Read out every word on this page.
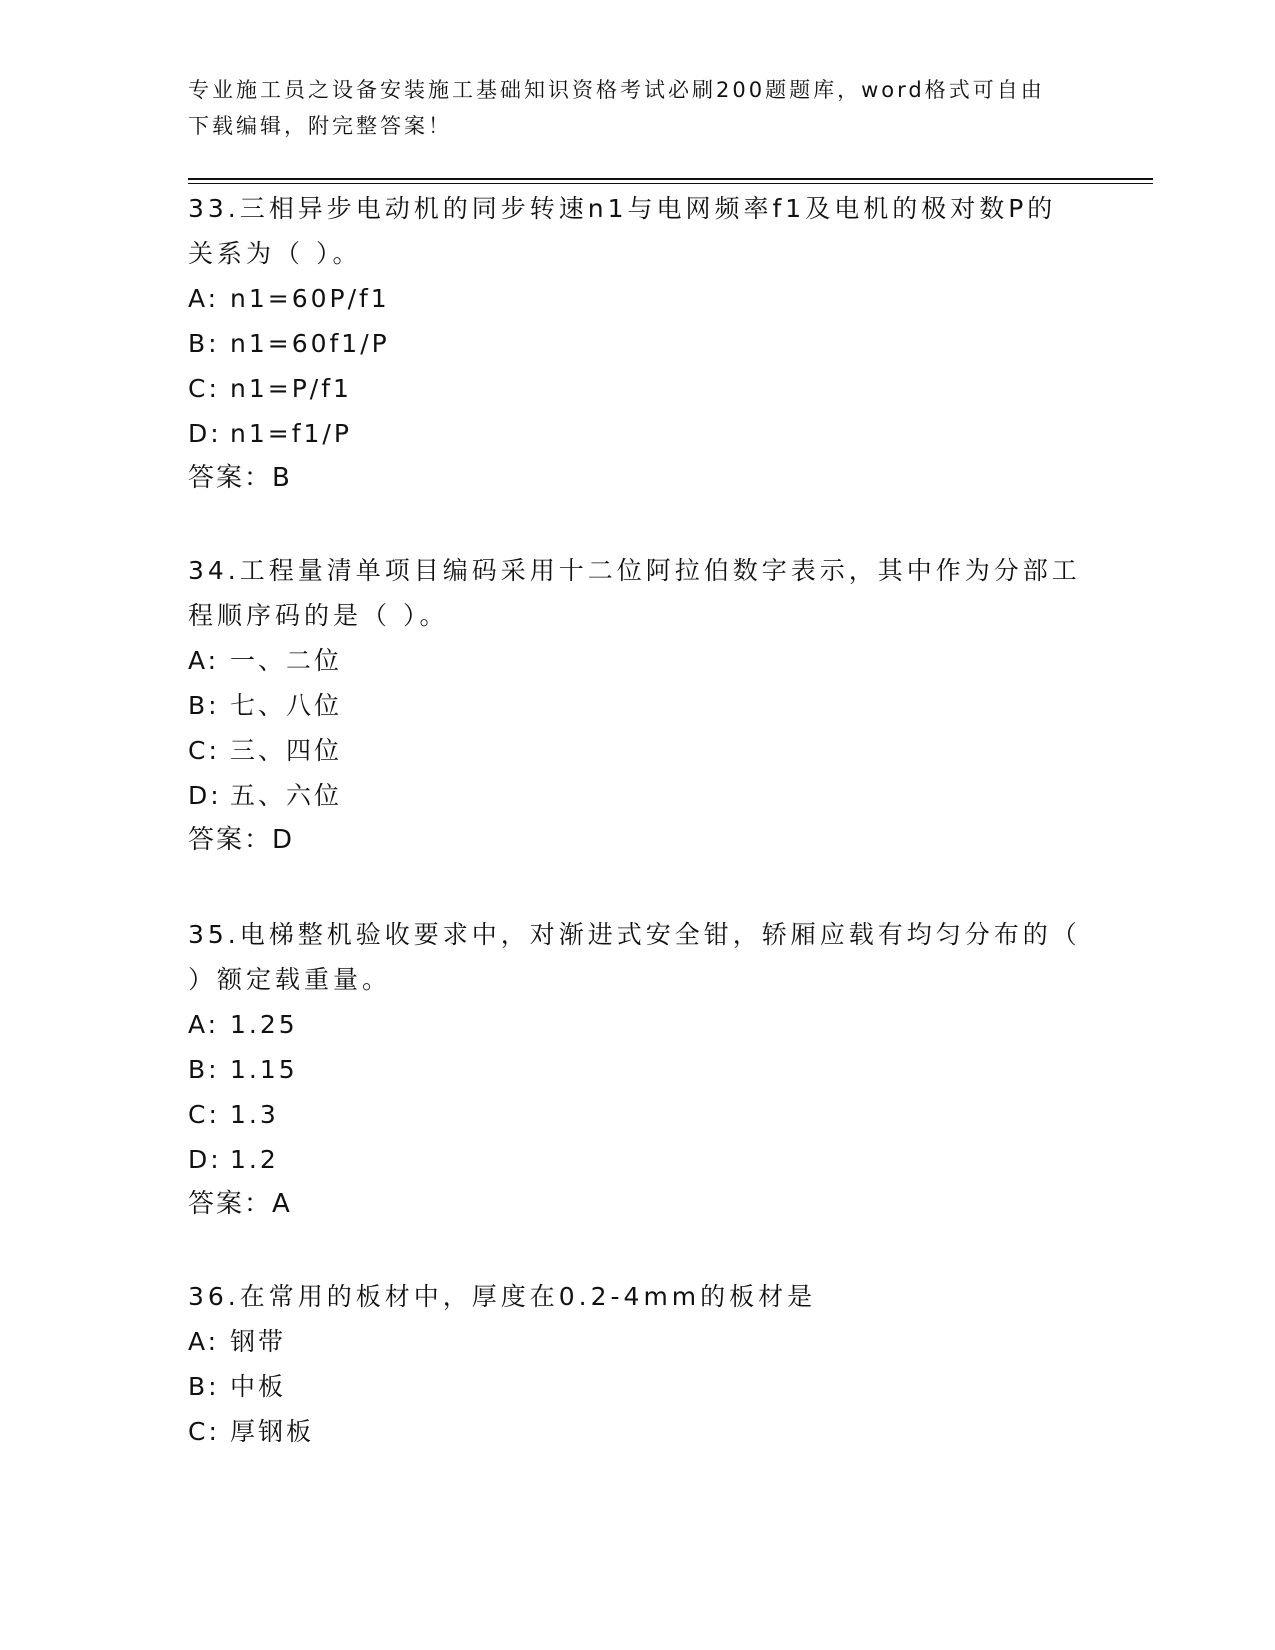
专业施工员之设备安装施工基础知识资格考试必刷200题题库，word格式可自由
下载编辑，附完整答案！

33.三相异步电动机的同步转速n1与电网频率f1及电机的极对数P的

关系为（ ）。

A: n1=60P/f1

B: n1=60f1/P

C: n1=P/f1

D: n1=f1/P

答案：B

34.工程量清单项目编码采用十二位阿拉伯数字表示，其中作为分部工

程顺序码的是（ ）。

A: 一、二位

B: 七、八位

C: 三、四位

D: 五、六位

答案：D

35.电梯整机验收要求中，对渐进式安全钳，轿厢应载有均匀分布的（

）额定载重量。

A: 1.25

B: 1.15

C: 1.3

D: 1.2

答案：A

36.在常用的板材中，厚度在0.2-4mm的板材是

A: 钢带

B: 中板

C: 厚钢板
